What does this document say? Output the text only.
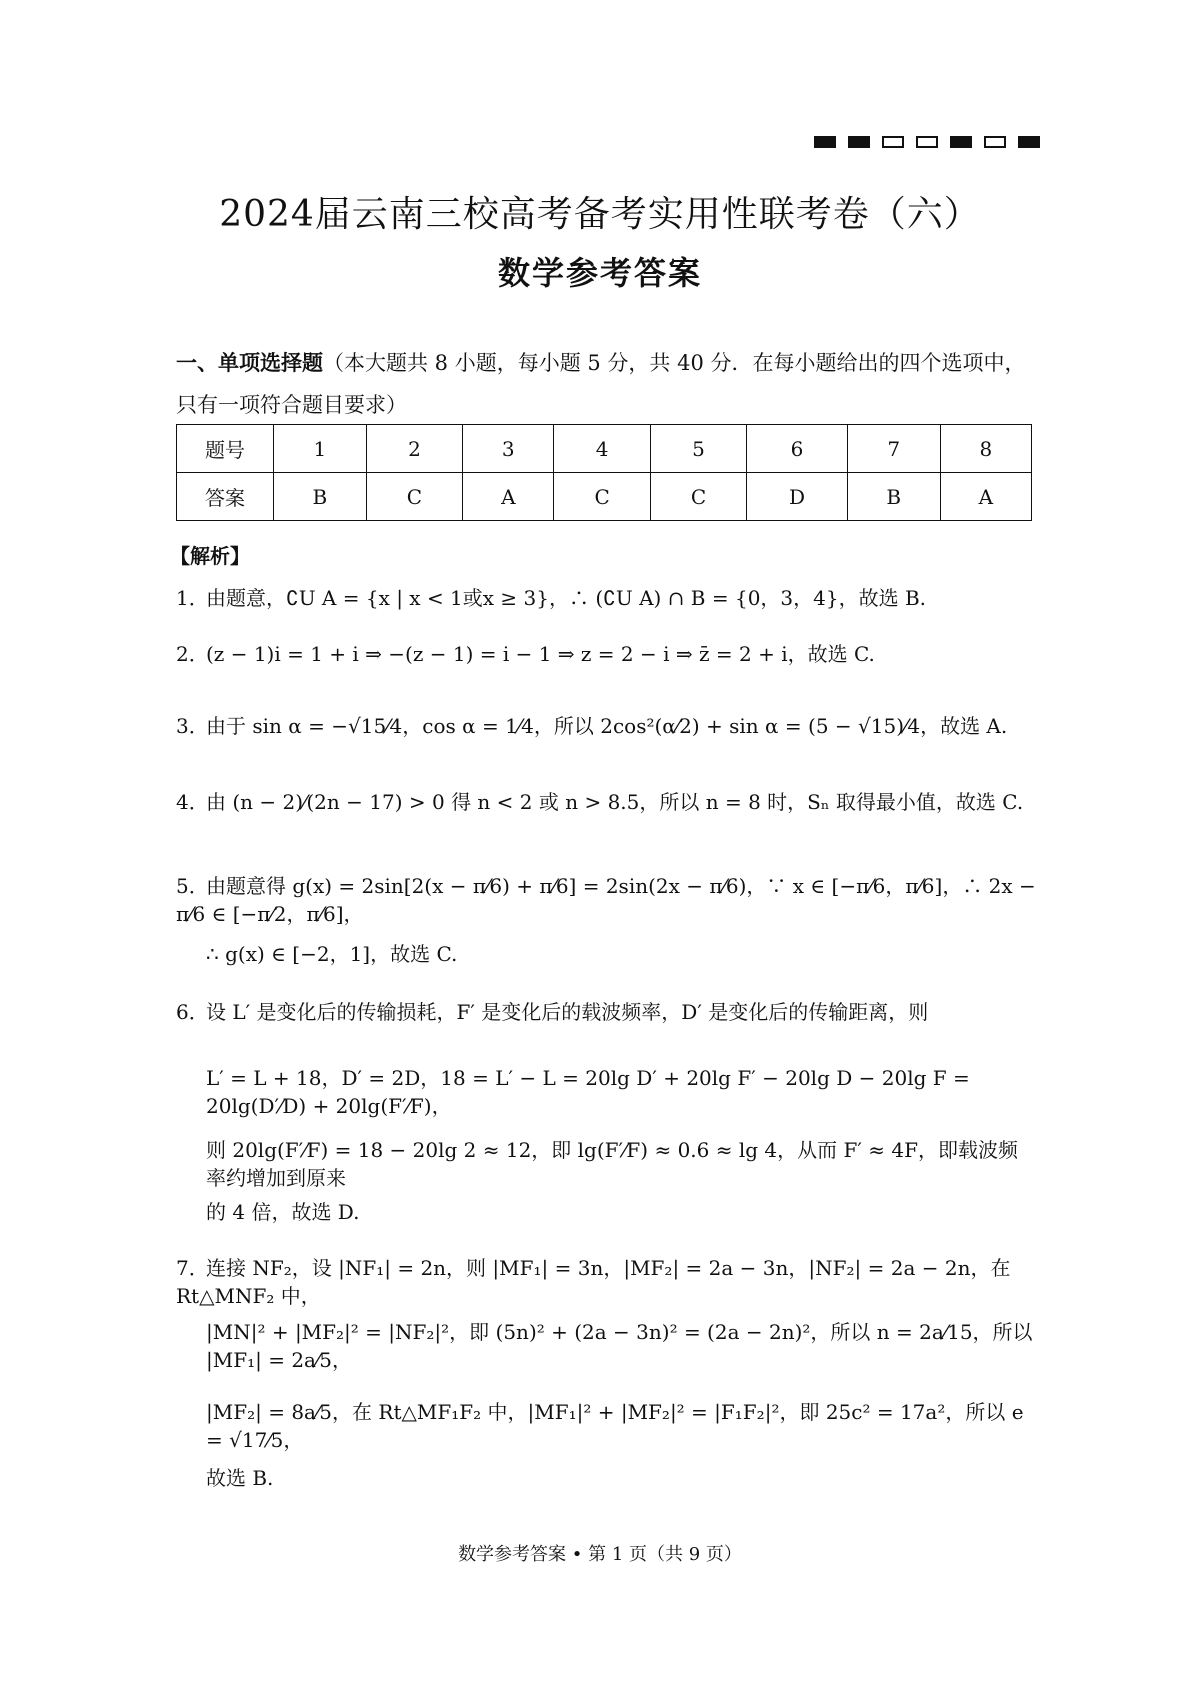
2024届云南三校高考备考实用性联考卷（六）
数学参考答案
一、单项选择题（本大题共 8 小题，每小题 5 分，共 40 分．在每小题给出的四个选项中，只有一项符合题目要求）
题号	1	2	3	4	5	6	7	8
答案	B	C	A	C	C	D	B	A
【解析】
1．由题意，∁U A = {x | x < 1或x ≥ 3}，∴ (∁U A) ∩ B = {0，3，4}，故选 B.
2．(z − 1)i = 1 + i ⇒ −(z − 1) = i − 1 ⇒ z = 2 − i ⇒ z̄ = 2 + i，故选 C.
3．由于 sin α = −√15⁄4，cos α = 1⁄4，所以 2cos²(α⁄2) + sin α = (5 − √15)⁄4，故选 A.
4．由 (n − 2)⁄(2n − 17) > 0 得 n < 2 或 n > 8.5，所以 n = 8 时，Sₙ 取得最小值，故选 C.
5．由题意得 g(x) = 2sin[2(x − π⁄6) + π⁄6] = 2sin(2x − π⁄6)，∵ x ∈ [−π⁄6，π⁄6]，∴ 2x − π⁄6 ∈ [−π⁄2，π⁄6]，
∴ g(x) ∈ [−2，1]，故选 C.
6．设 L′ 是变化后的传输损耗，F′ 是变化后的载波频率，D′ 是变化后的传输距离，则
L′ = L + 18，D′ = 2D，18 = L′ − L = 20lg D′ + 20lg F′ − 20lg D − 20lg F = 20lg(D′⁄D) + 20lg(F′⁄F)，
则 20lg(F′⁄F) = 18 − 20lg 2 ≈ 12，即 lg(F′⁄F) ≈ 0.6 ≈ lg 4，从而 F′ ≈ 4F，即载波频率约增加到原来
的 4 倍，故选 D.
7．连接 NF₂，设 |NF₁| = 2n，则 |MF₁| = 3n，|MF₂| = 2a − 3n，|NF₂| = 2a − 2n，在 Rt△MNF₂ 中，
|MN|² + |MF₂|² = |NF₂|²，即 (5n)² + (2a − 3n)² = (2a − 2n)²，所以 n = 2a⁄15，所以 |MF₁| = 2a⁄5，
|MF₂| = 8a⁄5，在 Rt△MF₁F₂ 中，|MF₁|² + |MF₂|² = |F₁F₂|²，即 25c² = 17a²，所以 e = √17⁄5，
故选 B.
数学参考答案 • 第 1 页（共 9 页）
